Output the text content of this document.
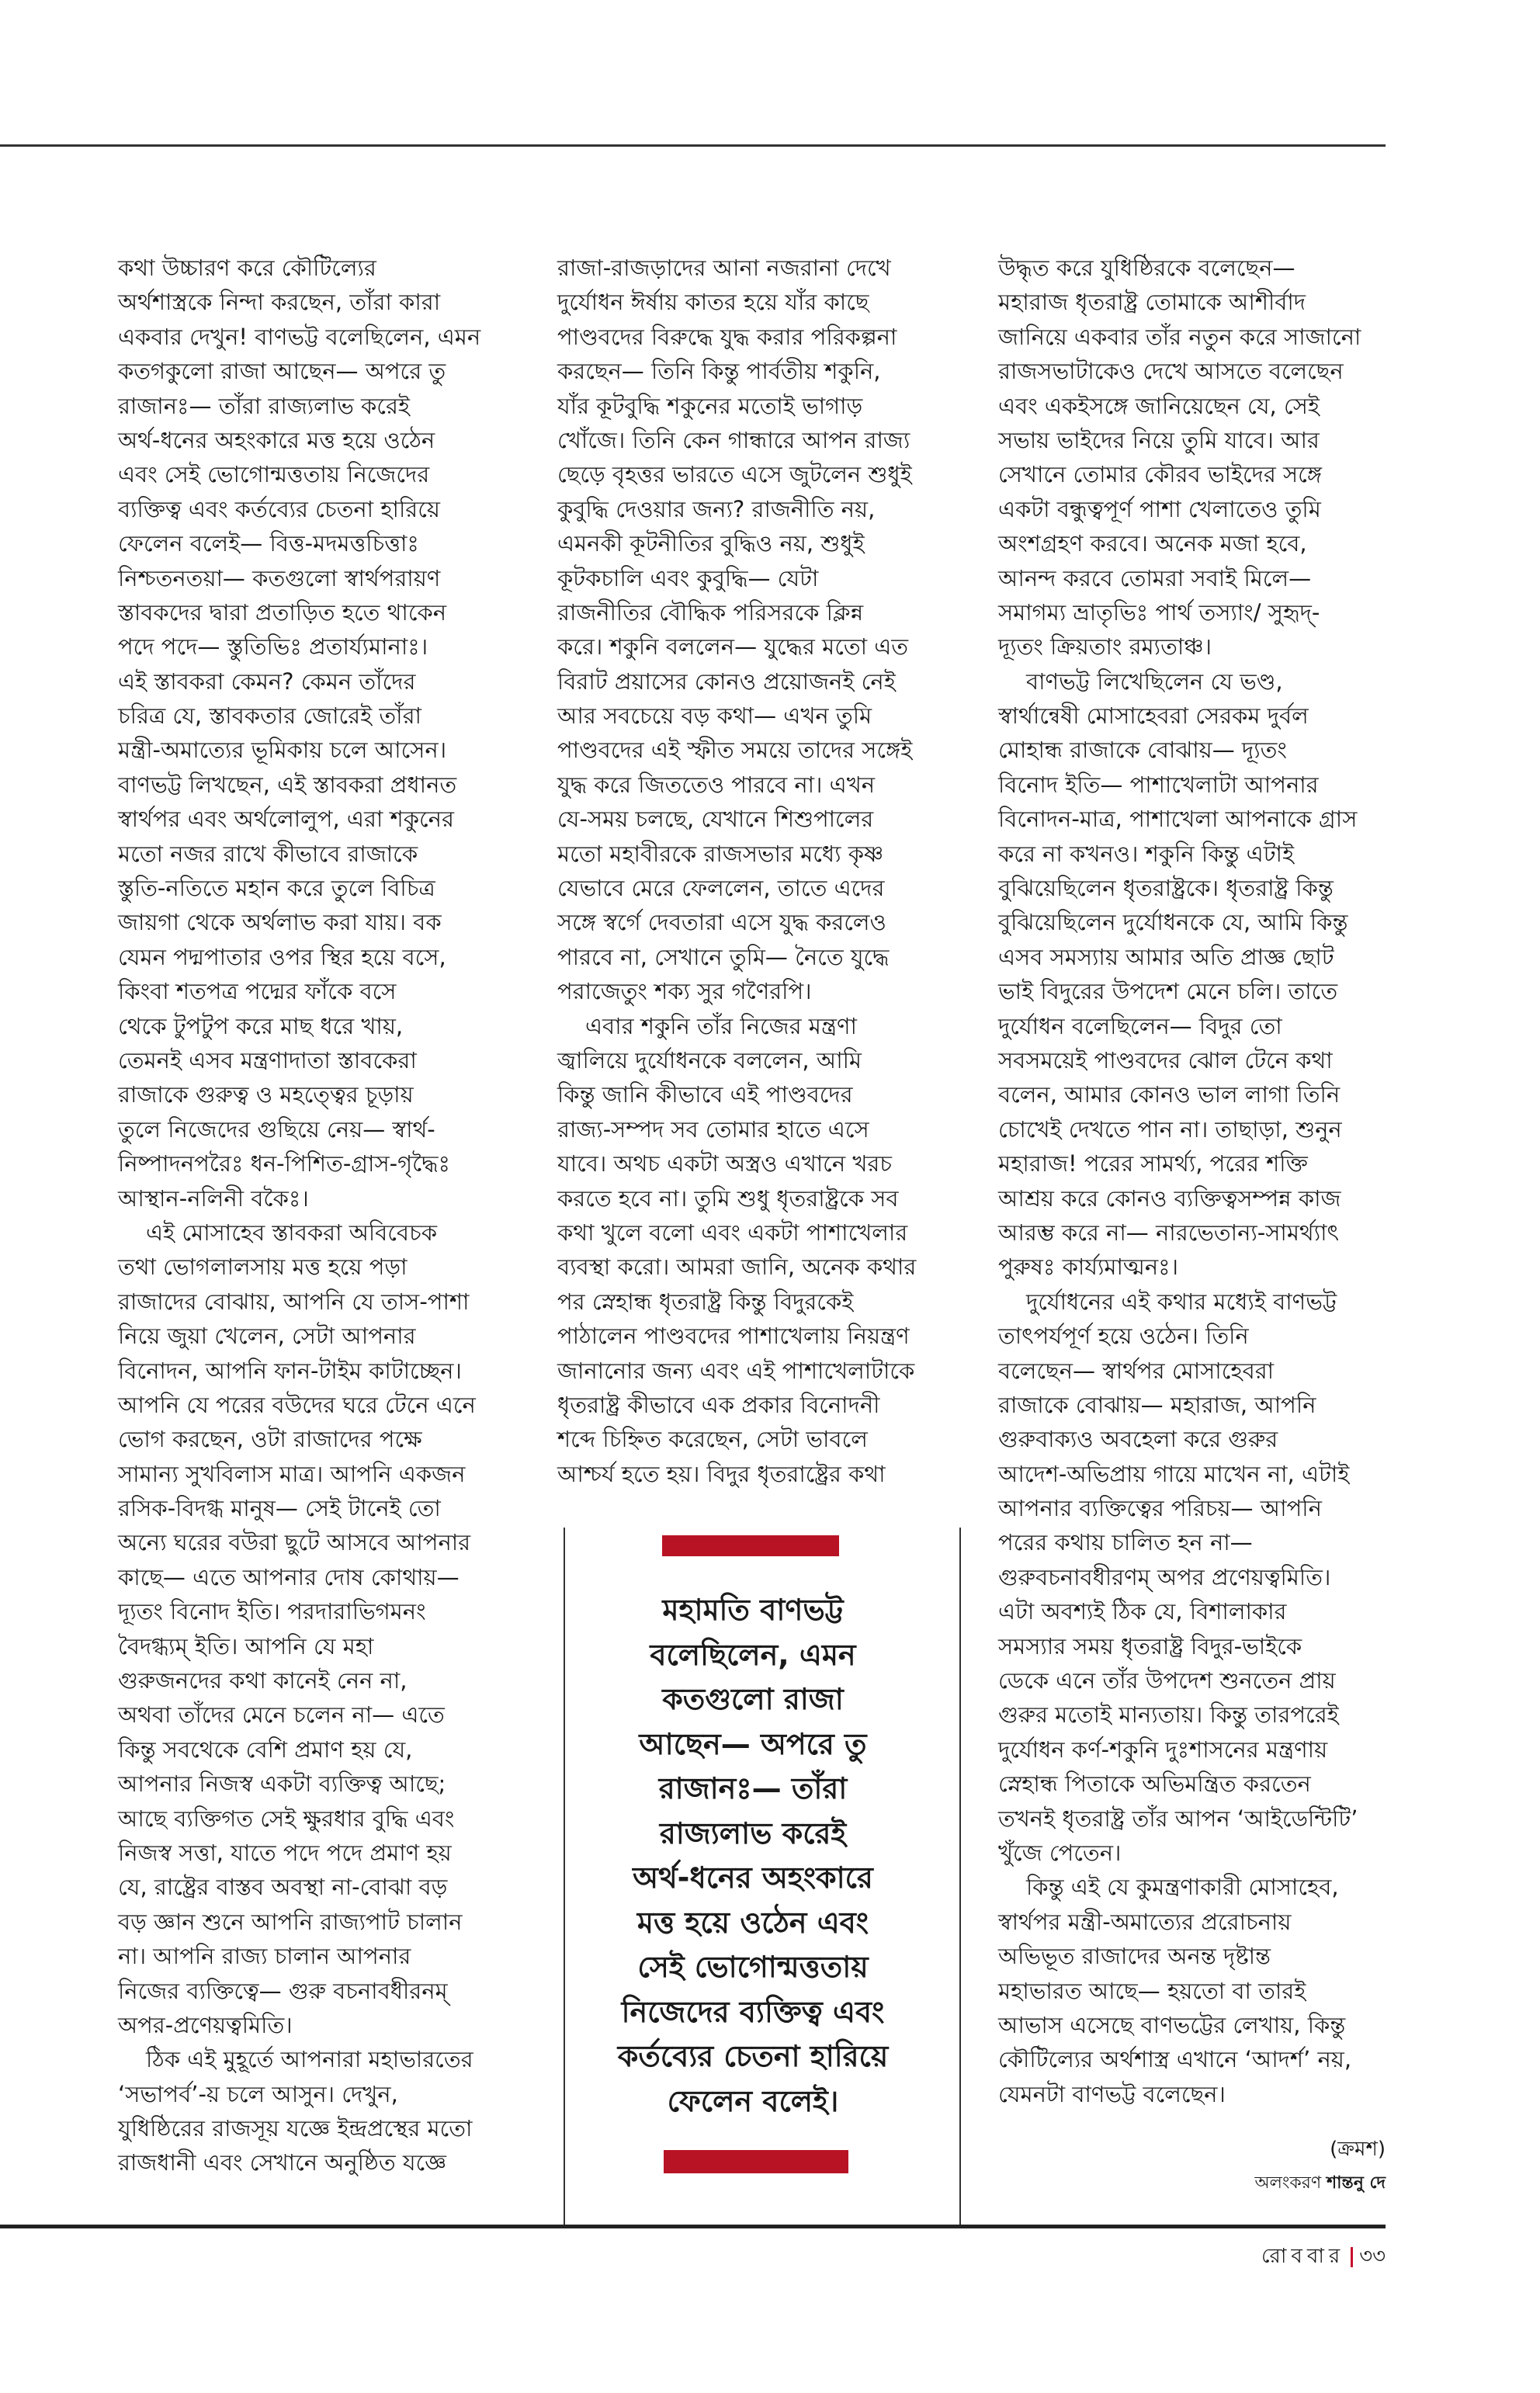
কথা উচ্চারণ করে কৌটিল্যের
অর্থশাস্ত্রকে নিন্দা করছেন, তাঁরা কারা
একবার দেখুন! বাণভট্ট বলেছিলেন, এমন
কতগকুলো রাজা আছেন— অপরে তু
রাজানঃ— তাঁরা রাজ্যলাভ করেই
অর্থ-ধনের অহংকারে মত্ত হয়ে ওঠেন
এবং সেই ভোগোন্মত্ততায় নিজেদের
ব্যক্তিত্ব এবং কর্তব্যের চেতনা হারিয়ে
ফেলেন বলেই— বিত্ত-মদমত্তচিত্তাঃ
নিশ্চতনতয়া— কতগুলো স্বার্থপরায়ণ
স্তাবকদের দ্বারা প্রতাড়িত হতে থাকেন
পদে পদে— স্তুতিভিঃ প্রতার্য্যমানাঃ।
এই স্তাবকরা কেমন? কেমন তাঁদের
চরিত্র যে, স্তাবকতার জোরেই তাঁরা
মন্ত্রী-অমাত্যের ভূমিকায় চলে আসেন।
বাণভট্ট লিখছেন, এই স্তাবকরা প্রধানত
স্বার্থপর এবং অর্থলোলুপ, এরা শকুনের
মতো নজর রাখে কীভাবে রাজাকে
স্তুতি-নতিতে মহান করে তুলে বিচিত্র
জায়গা থেকে অর্থলাভ করা যায়। বক
যেমন পদ্মপাতার ওপর স্থির হয়ে বসে,
কিংবা শতপত্র পদ্মের ফাঁকে বসে
থেকে টুপটুপ করে মাছ ধরে খায়,
তেমনই এসব মন্ত্রণাদাতা স্তাবকেরা
রাজাকে গুরুত্ব ও মহত্ত্বের চূড়ায়
তুলে নিজেদের গুছিয়ে নেয়— স্বার্থ-
নিষ্পাদনপরৈঃ ধন-পিশিত-গ্রাস-গৃদ্ধৈঃ
আস্থান-নলিনী বকৈঃ।
এই মোসাহেব স্তাবকরা অবিবেচক
তথা ভোগলালসায় মত্ত হয়ে পড়া
রাজাদের বোঝায়, আপনি যে তাস-পাশা
নিয়ে জুয়া খেলেন, সেটা আপনার
বিনোদন, আপনি ফান-টাইম কাটাচ্ছেন।
আপনি যে পরের বউদের ঘরে টেনে এনে
ভোগ করছেন, ওটা রাজাদের পক্ষে
সামান্য সুখবিলাস মাত্র। আপনি একজন
রসিক-বিদগ্ধ মানুষ— সেই টানেই তো
অন্যে ঘরের বউরা ছুটে আসবে আপনার
কাছে— এতে আপনার দোষ কোথায়—
দ্যূতং বিনোদ ইতি। পরদারাভিগমনং
বৈদগ্ধ্যম্ ইতি। আপনি যে মহা
গুরুজনদের কথা কানেই নেন না,
অথবা তাঁদের মেনে চলেন না— এতে
কিন্তু সবথেকে বেশি প্রমাণ হয় যে,
আপনার নিজস্ব একটা ব্যক্তিত্ব আছে;
আছে ব্যক্তিগত সেই ক্ষুরধার বুদ্ধি এবং
নিজস্ব সত্তা, যাতে পদে পদে প্রমাণ হয়
যে, রাষ্ট্রের বাস্তব অবস্থা না-বোঝা বড়
বড় জ্ঞান শুনে আপনি রাজ্যপাট চালান
না। আপনি রাজ্য চালান আপনার
নিজের ব্যক্তিত্বে— গুরু বচনাবধীরনম্
অপর-প্রণেয়ত্বমিতি।
ঠিক এই মুহূর্তে আপনারা মহাভারতের
‘সভাপর্ব’-য় চলে আসুন। দেখুন,
যুধিষ্ঠিরের রাজসূয় যজ্ঞে ইন্দ্রপ্রস্থের মতো
রাজধানী এবং সেখানে অনুষ্ঠিত যজ্ঞে
রাজা-রাজড়াদের আনা নজরানা দেখে
দুর্যোধন ঈর্ষায় কাতর হয়ে যাঁর কাছে
পাণ্ডবদের বিরুদ্ধে যুদ্ধ করার পরিকল্পনা
করছেন— তিনি কিন্তু পার্বতীয় শকুনি,
যাঁর কূটবুদ্ধি শকুনের মতোই ভাগাড়
খোঁজে। তিনি কেন গান্ধারে আপন রাজ্য
ছেড়ে বৃহত্তর ভারতে এসে জুটলেন শুধুই
কুবুদ্ধি দেওয়ার জন্য? রাজনীতি নয়,
এমনকী কূটনীতির বুদ্ধিও নয়, শুধুই
কূটকচালি এবং কুবুদ্ধি— যেটা
রাজনীতির বৌদ্ধিক পরিসরকে ক্লিন্ন
করে। শকুনি বললেন— যুদ্ধের মতো এত
বিরাট প্রয়াসের কোনও প্রয়োজনই নেই
আর সবচেয়ে বড় কথা— এখন তুমি
পাণ্ডবদের এই স্ফীত সময়ে তাদের সঙ্গেই
যুদ্ধ করে জিততেও পারবে না। এখন
যে-সময় চলছে, যেখানে শিশুপালের
মতো মহাবীরকে রাজসভার মধ্যে কৃষ্ণ
যেভাবে মেরে ফেললেন, তাতে এদের
সঙ্গে স্বর্গে দেবতারা এসে যুদ্ধ করলেও
পারবে না, সেখানে তুমি— নৈতে যুদ্ধে
পরাজেতুং শক্য সুর গণৈরপি।
এবার শকুনি তাঁর নিজের মন্ত্রণা
জ্বালিয়ে দুর্যোধনকে বললেন, আমি
কিন্তু জানি কীভাবে এই পাণ্ডবদের
রাজ্য-সম্পদ সব তোমার হাতে এসে
যাবে। অথচ একটা অস্ত্রও এখানে খরচ
করতে হবে না। তুমি শুধু ধৃতরাষ্ট্রকে সব
কথা খুলে বলো এবং একটা পাশাখেলার
ব্যবস্থা করো। আমরা জানি, অনেক কথার
পর স্নেহান্ধ ধৃতরাষ্ট্র কিন্তু বিদুরকেই
পাঠালেন পাণ্ডবদের পাশাখেলায় নিয়ন্ত্রণ
জানানোর জন্য এবং এই পাশাখেলাটাকে
ধৃতরাষ্ট্র কীভাবে এক প্রকার বিনোদনী
শব্দে চিহ্নিত করেছেন, সেটা ভাবলে
আশ্চর্য হতে হয়। বিদুর ধৃতরাষ্ট্রের কথা
উদ্ধৃত করে যুধিষ্ঠিরকে বলেছেন—
মহারাজ ধৃতরাষ্ট্র তোমাকে আশীর্বাদ
জানিয়ে একবার তাঁর নতুন করে সাজানো
রাজসভাটাকেও দেখে আসতে বলেছেন
এবং একইসঙ্গে জানিয়েছেন যে, সেই
সভায় ভাইদের নিয়ে তুমি যাবে। আর
সেখানে তোমার কৌরব ভাইদের সঙ্গে
একটা বন্ধুত্বপূর্ণ পাশা খেলাতেও তুমি
অংশগ্রহণ করবে। অনেক মজা হবে,
আনন্দ করবে তোমরা সবাই মিলে—
সমাগম্য ভ্রাতৃভিঃ পার্থ তস্যাং/ সুহৃদ্-
দ্যূতং ক্রিয়তাং রম্যতাঞ্চ।
বাণভট্ট লিখেছিলেন যে ভণ্ড,
স্বার্থান্বেষী মোসাহেবরা সেরকম দুর্বল
মোহান্ধ রাজাকে বোঝায়— দ্যূতং
বিনোদ ইতি— পাশাখেলাটা আপনার
বিনোদন-মাত্র, পাশাখেলা আপনাকে গ্রাস
করে না কখনও। শকুনি কিন্তু এটাই
বুঝিয়েছিলেন ধৃতরাষ্ট্রকে। ধৃতরাষ্ট্র কিন্তু
বুঝিয়েছিলেন দুর্যোধনকে যে, আমি কিন্তু
এসব সমস্যায় আমার অতি প্রাজ্ঞ ছোট
ভাই বিদুরের উপদেশ মেনে চলি। তাতে
দুর্যোধন বলেছিলেন— বিদুর তো
সবসময়েই পাণ্ডবদের ঝোল টেনে কথা
বলেন, আমার কোনও ভাল লাগা তিনি
চোখেই দেখতে পান না। তাছাড়া, শুনুন
মহারাজ! পরের সামর্থ্য, পরের শক্তি
আশ্রয় করে কোনও ব্যক্তিত্বসম্পন্ন কাজ
আরম্ভ করে না— নারভেতান্য-সামর্থ্যাৎ
পুরুষঃ কার্য্যমাত্মনঃ।
দুর্যোধনের এই কথার মধ্যেই বাণভট্ট
তাৎপর্যপূর্ণ হয়ে ওঠেন। তিনি
বলেছেন— স্বার্থপর মোসাহেবরা
রাজাকে বোঝায়— মহারাজ, আপনি
গুরুবাক্যও অবহেলা করে গুরুর
আদেশ-অভিপ্রায় গায়ে মাখেন না, এটাই
আপনার ব্যক্তিত্বের পরিচয়— আপনি
পরের কথায় চালিত হন না—
গুরুবচনাবধীরণম্ অপর প্রণেয়ত্বমিতি।
এটা অবশ্যই ঠিক যে, বিশালাকার
সমস্যার সময় ধৃতরাষ্ট্র বিদুর-ভাইকে
ডেকে এনে তাঁর উপদেশ শুনতেন প্রায়
গুরুর মতোই মান্যতায়। কিন্তু তারপরেই
দুর্যোধন কর্ণ-শকুনি দুঃশাসনের মন্ত্রণায়
স্নেহান্ধ পিতাকে অভিমন্ত্রিত করতেন
তখনই ধৃতরাষ্ট্র তাঁর আপন ‘আইডেন্টিটি’
খুঁজে পেতেন।
কিন্তু এই যে কুমন্ত্রণাকারী মোসাহেব,
স্বার্থপর মন্ত্রী-অমাত্যের প্ররোচনায়
অভিভূত রাজাদের অনন্ত দৃষ্টান্ত
মহাভারত আছে— হয়তো বা তারই
আভাস এসেছে বাণভট্টের লেখায়, কিন্তু
কৌটিল্যের অর্থশাস্ত্র এখানে ‘আদর্শ’ নয়,
যেমনটা বাণভট্ট বলেছেন।
মহামতি বাণভট্ট
বলেছিলেন, এমন
কতগুলো রাজা
আছেন— অপরে তু
রাজানঃ— তাঁরা
রাজ্যলাভ করেই
অর্থ-ধনের অহংকারে
মত্ত হয়ে ওঠেন এবং
সেই ভোগোন্মত্ততায়
নিজেদের ব্যক্তিত্ব এবং
কর্তব্যের চেতনা হারিয়ে
ফেলেন বলেই।
(ক্রমশ)
অলংকরণ শান্তনু দে
রোববার ৩৩
